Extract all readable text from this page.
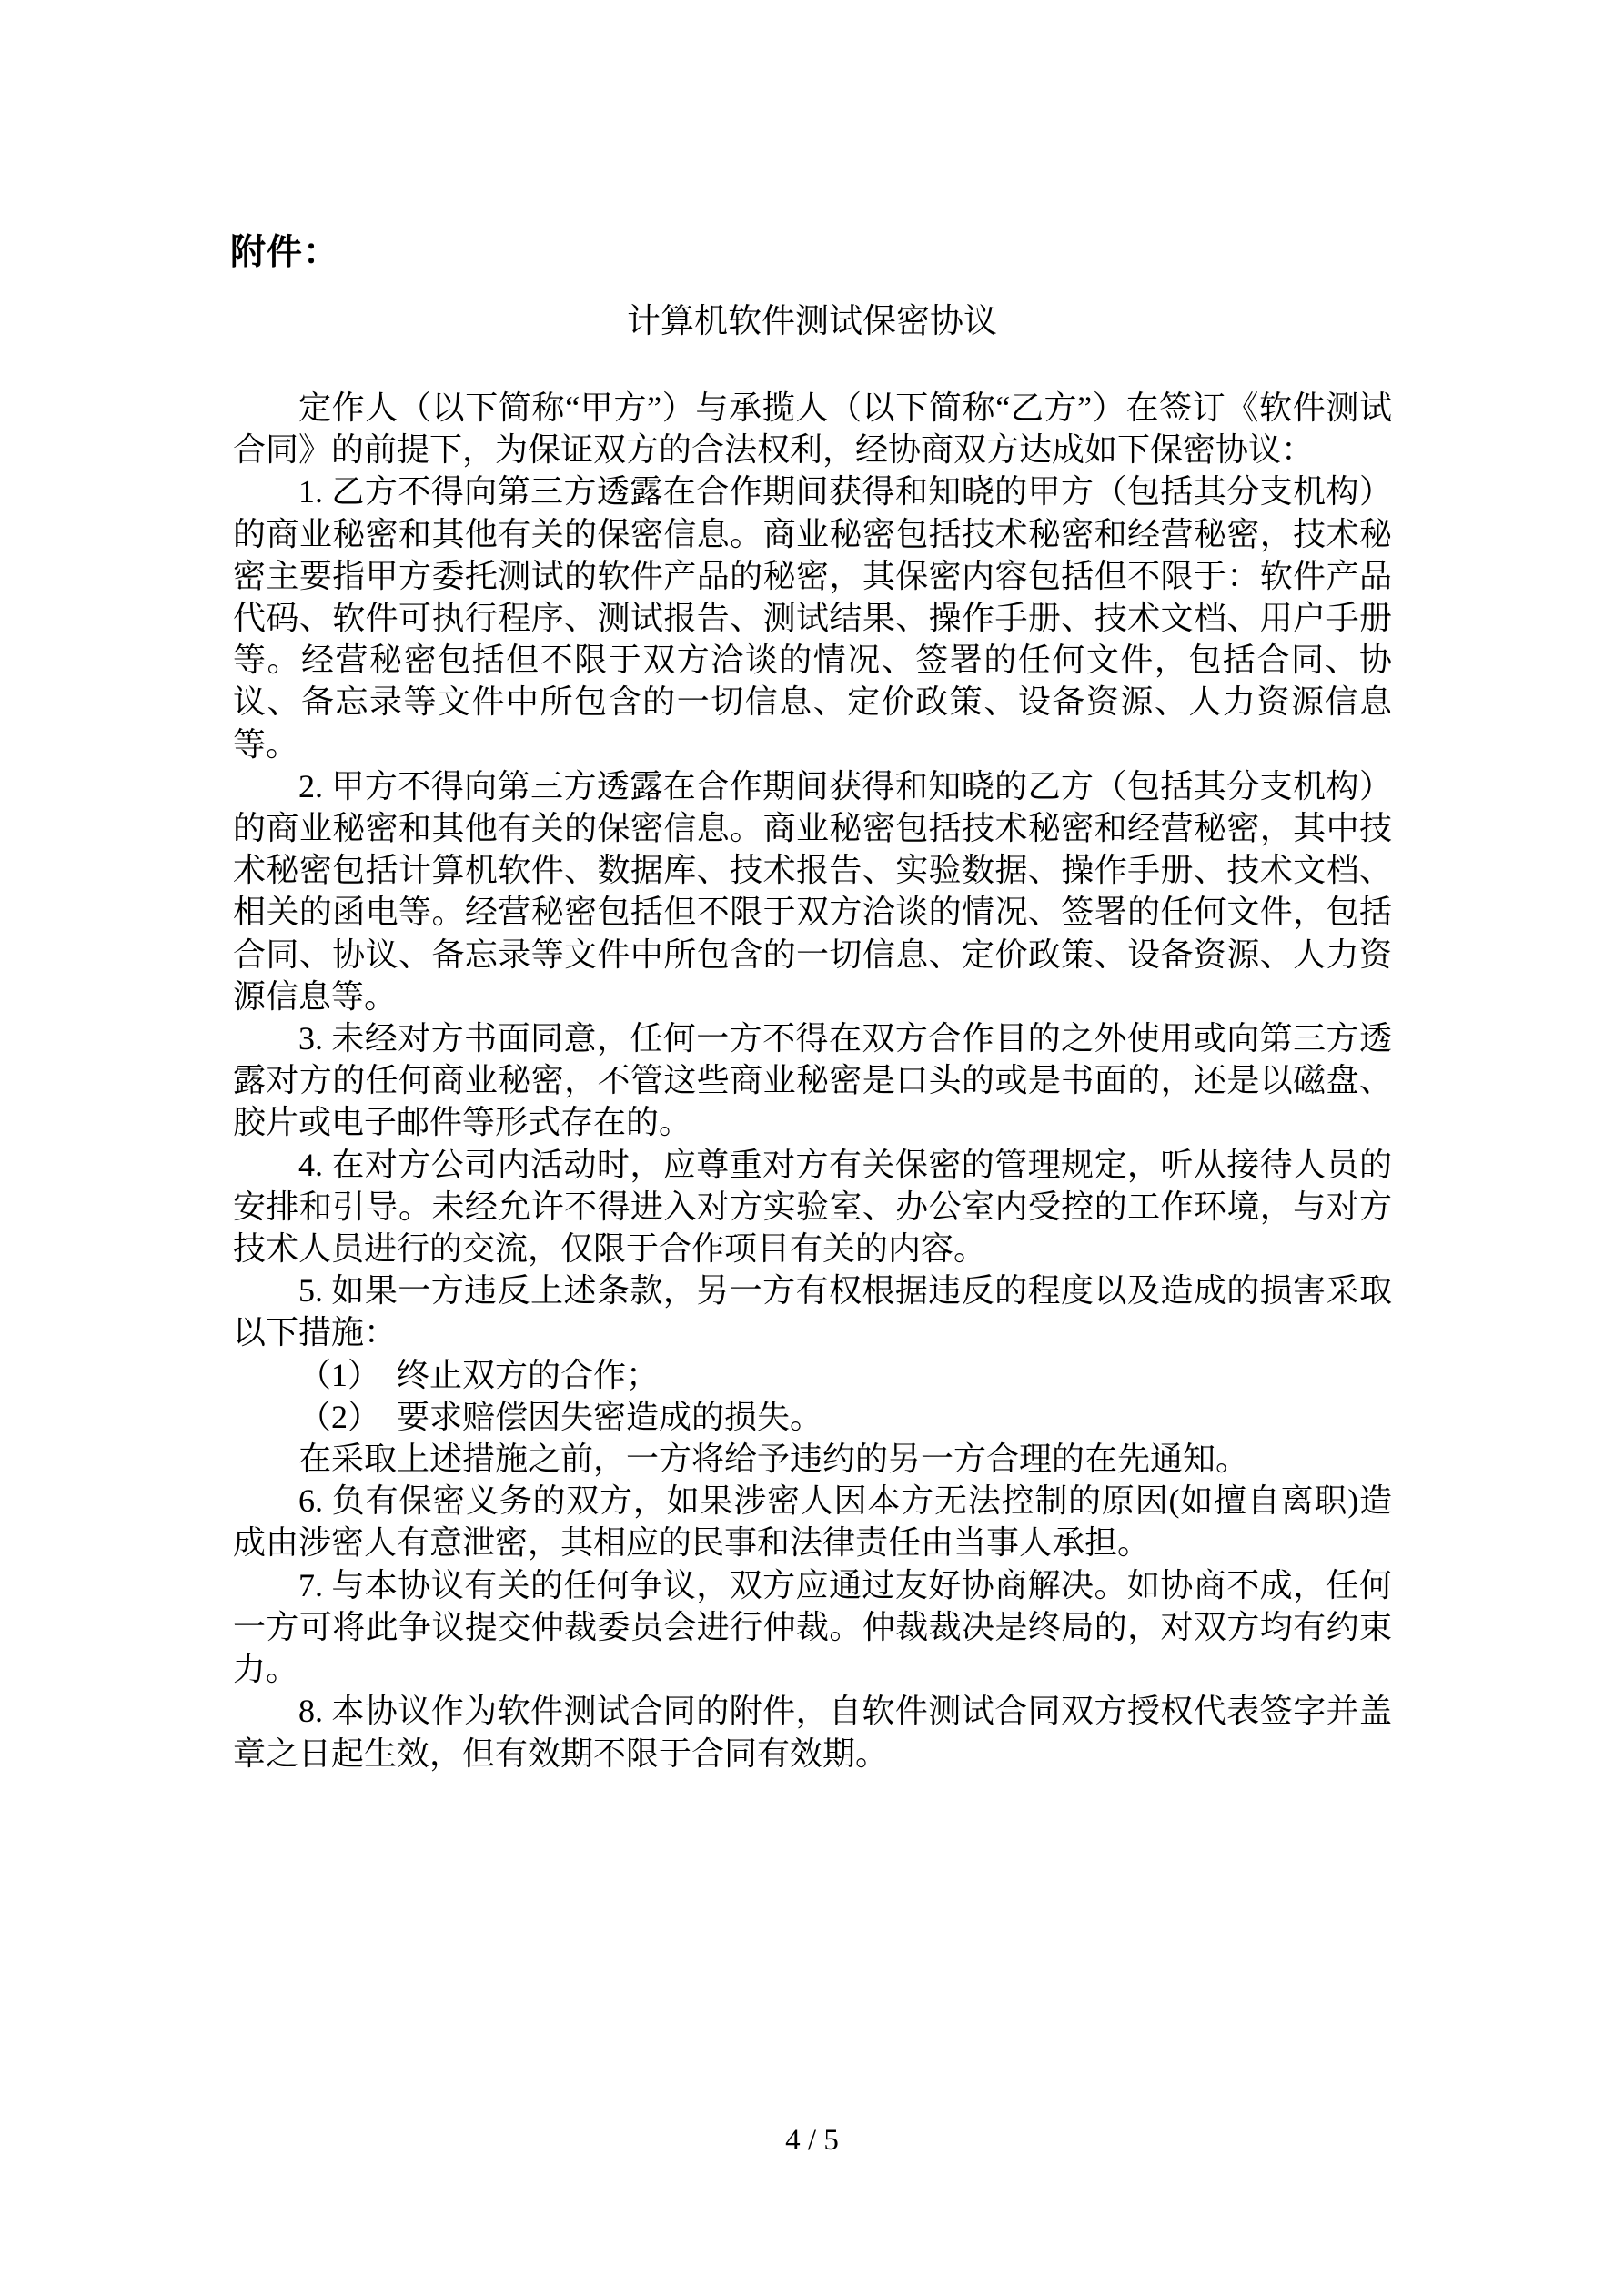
附件：
计算机软件测试保密协议

定作人（以下简称“甲方”）与承揽人（以下简称“乙方”）在签订《软件测试合同》的前提下，为保证双方的合法权利，经协商双方达成如下保密协议：

1. 乙方不得向第三方透露在合作期间获得和知晓的甲方（包括其分支机构）的商业秘密和其他有关的保密信息。商业秘密包括技术秘密和经营秘密，技术秘密主要指甲方委托测试的软件产品的秘密，其保密内容包括但不限于：软件产品代码、软件可执行程序、测试报告、测试结果、操作手册、技术文档、用户手册等。经营秘密包括但不限于双方洽谈的情况、签署的任何文件，包括合同、协议、备忘录等文件中所包含的一切信息、定价政策、设备资源、人力资源信息等。

2. 甲方不得向第三方透露在合作期间获得和知晓的乙方（包括其分支机构）的商业秘密和其他有关的保密信息。商业秘密包括技术秘密和经营秘密，其中技术秘密包括计算机软件、数据库、技术报告、实验数据、操作手册、技术文档、相关的函电等。经营秘密包括但不限于双方洽谈的情况、签署的任何文件，包括合同、协议、备忘录等文件中所包含的一切信息、定价政策、设备资源、人力资源信息等。

3. 未经对方书面同意，任何一方不得在双方合作目的之外使用或向第三方透露对方的任何商业秘密，不管这些商业秘密是口头的或是书面的，还是以磁盘、胶片或电子邮件等形式存在的。

4. 在对方公司内活动时，应尊重对方有关保密的管理规定，听从接待人员的安排和引导。未经允许不得进入对方实验室、办公室内受控的工作环境，与对方技术人员进行的交流，仅限于合作项目有关的内容。

5. 如果一方违反上述条款，另一方有权根据违反的程度以及造成的损害采取以下措施：

（1）　终止双方的合作；

（2）　要求赔偿因失密造成的损失。

在采取上述措施之前，一方将给予违约的另一方合理的在先通知。

6. 负有保密义务的双方，如果涉密人因本方无法控制的原因(如擅自离职)造成由涉密人有意泄密，其相应的民事和法律责任由当事人承担。

7. 与本协议有关的任何争议，双方应通过友好协商解决。如协商不成，任何一方可将此争议提交仲裁委员会进行仲裁。仲裁裁决是终局的，对双方均有约束力。

8. 本协议作为软件测试合同的附件，自软件测试合同双方授权代表签字并盖章之日起生效，但有效期不限于合同有效期。

4 / 5
